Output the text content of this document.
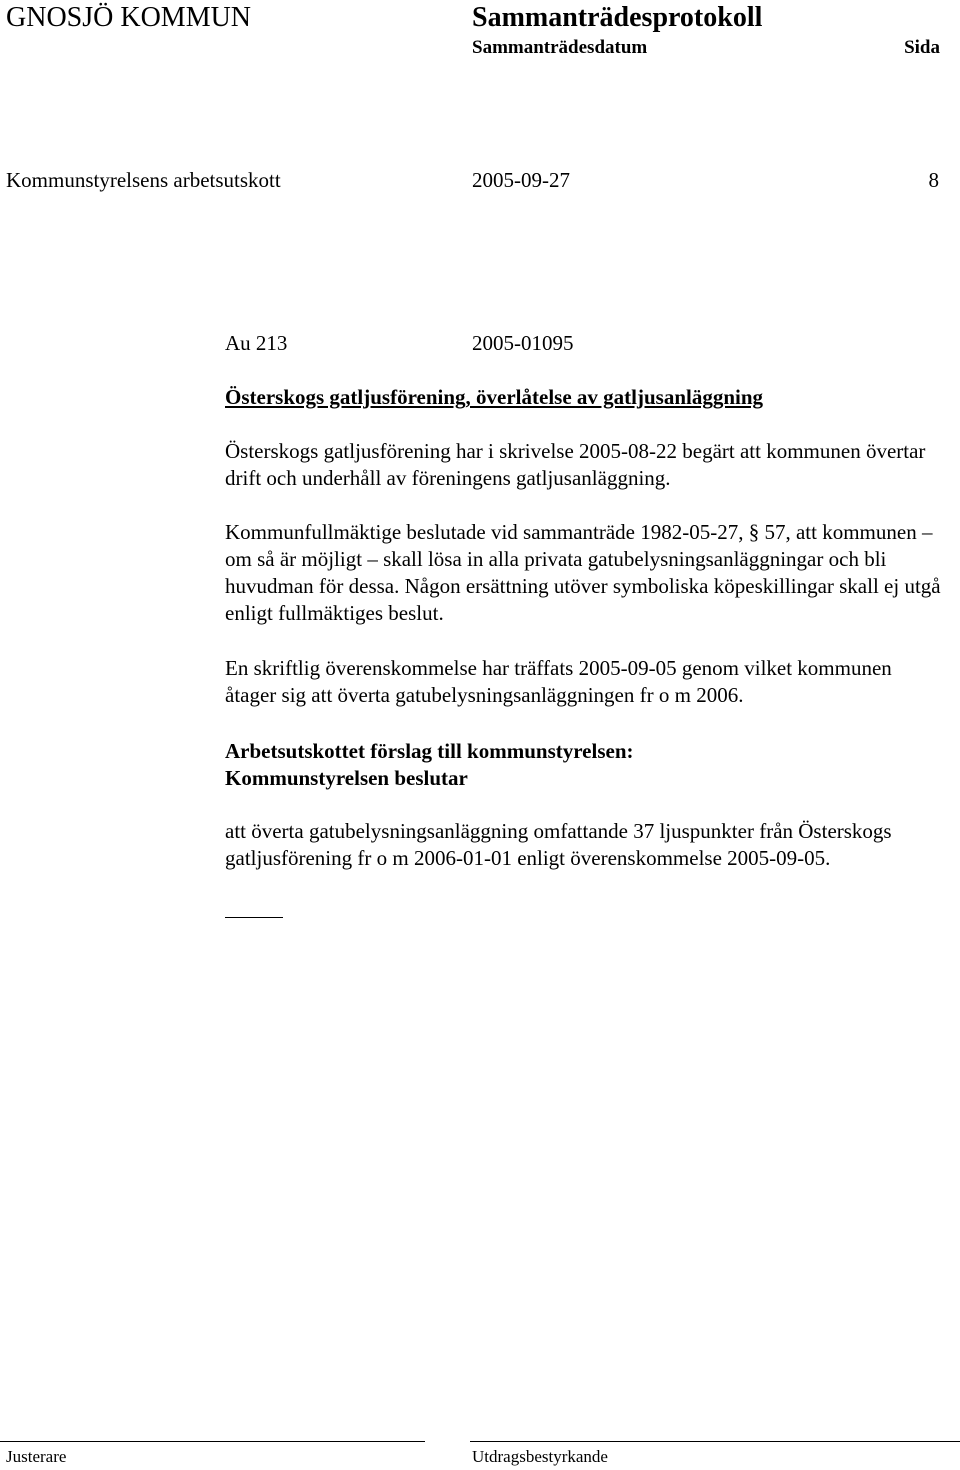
GNOSJÖ KOMMUN	Sammanträdesprotokoll
Sammanträdesdatum	Sida
Kommunstyrelsens arbetsutskott	2005-09-27	8
Au 213	2005-01095
Österskogs gatljusförening, överlåtelse av gatljusanläggning
Österskogs gatljusförening har i skrivelse 2005-08-22 begärt att kommunen övertar drift och underhåll av föreningens gatljusanläggning.
Kommunfullmäktige beslutade vid sammanträde 1982-05-27, § 57, att kommunen – om så är möjligt – skall lösa in alla privata gatubelysningsanläggningar och bli huvudman för dessa. Någon ersättning utöver symboliska köpeskillingar skall ej utgå enligt fullmäktiges beslut.
En skriftlig överenskommelse har träffats 2005-09-05 genom vilket kommunen åtager sig att överta gatubelysningsanläggningen fr o m 2006.
Arbetsutskottet förslag till kommunstyrelsen:
Kommunstyrelsen beslutar
att överta gatubelysningsanläggning omfattande 37 ljuspunkter från Österskogs gatljusförening fr o m 2006-01-01 enligt överenskommelse 2005-09-05.
Justerare	Utdragsbestyrkande
